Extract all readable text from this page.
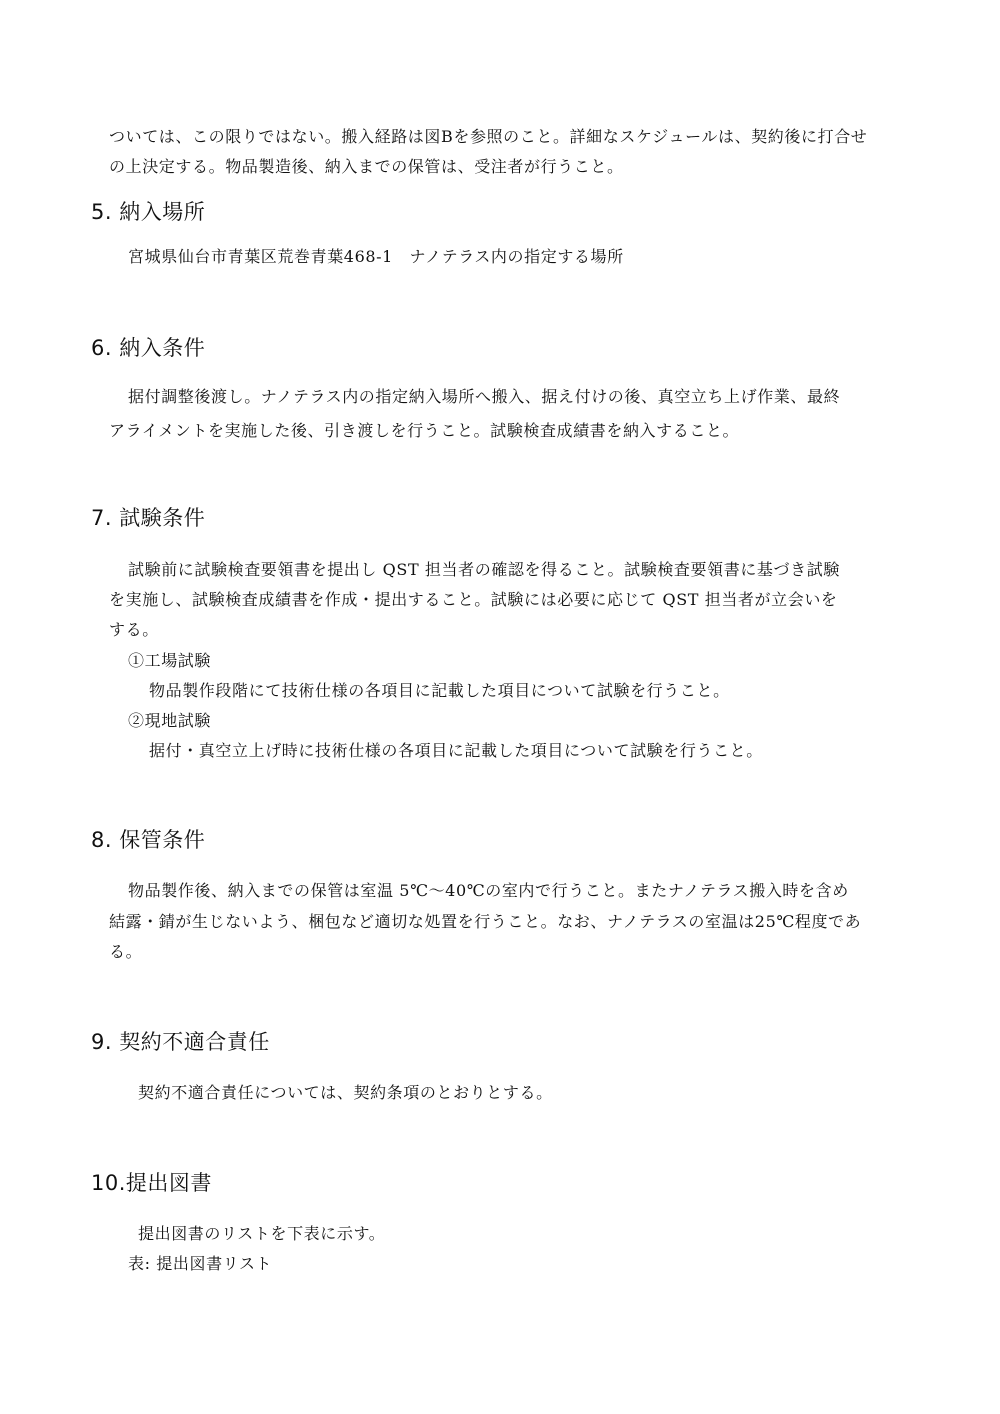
ついては、この限りではない。搬入経路は図Bを参照のこと。詳細なスケジュールは、契約後に打合せ
の上決定する。物品製造後、納入までの保管は、受注者が行うこと。
5. 納入場所
宮城県仙台市青葉区荒巻青葉468-1　ナノテラス内の指定する場所
6. 納入条件
据付調整後渡し。ナノテラス内の指定納入場所へ搬入、据え付けの後、真空立ち上げ作業、最終
アライメントを実施した後、引き渡しを行うこと。試験検査成績書を納入すること。
7. 試験条件
試験前に試験検査要領書を提出し QST 担当者の確認を得ること。試験検査要領書に基づき試験
を実施し、試験検査成績書を作成・提出すること。試験には必要に応じて QST 担当者が立会いを
する。
①工場試験
物品製作段階にて技術仕様の各項目に記載した項目について試験を行うこと。
②現地試験
据付・真空立上げ時に技術仕様の各項目に記載した項目について試験を行うこと。
8. 保管条件
物品製作後、納入までの保管は室温 5℃～40℃の室内で行うこと。またナノテラス搬入時を含め
結露・錆が生じないよう、梱包など適切な処置を行うこと。なお、ナノテラスの室温は25℃程度であ
る。
9. 契約不適合責任
契約不適合責任については、契約条項のとおりとする。
10.提出図書
提出図書のリストを下表に示す。
表: 提出図書リスト
